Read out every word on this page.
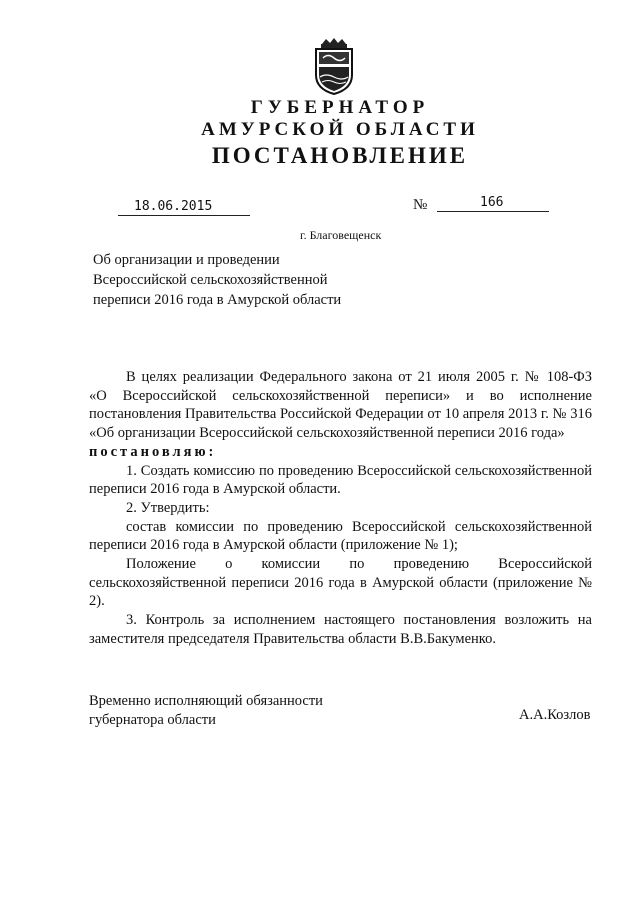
ГУБЕРНАТОР
АМУРСКОЙ ОБЛАСТИ
ПОСТАНОВЛЕНИЕ
18.06.2015	№	166
г. Благовещенск
Об организации и проведении
Всероссийской сельскохозяйственной
переписи 2016 года в Амурской области

В целях реализации Федерального закона от 21 июля 2005 г. № 108-ФЗ

«О Всероссийской сельскохозяйственной переписи» и во исполнение постановления Правительства Российской Федерации от 10 апреля 2013 г. № 316 «Об организации Всероссийской сельскохозяйственной переписи 2016 года»

постановляю:

1. Создать комиссию по проведению Всероссийской сельскохозяйственной переписи 2016 года в Амурской области.

2. Утвердить:

состав комиссии по проведению Всероссийской сельскохозяйственной переписи 2016 года в Амурской области (приложение № 1);

Положение о комиссии по проведению Всероссийской сельскохозяйственной переписи 2016 года в Амурской области (приложение № 2).

3. Контроль за исполнением настоящего постановления возложить на заместителя председателя Правительства области В.В.Бакуменко.

Временно исполняющий обязанности
губернатора области	А.А.Козлов
